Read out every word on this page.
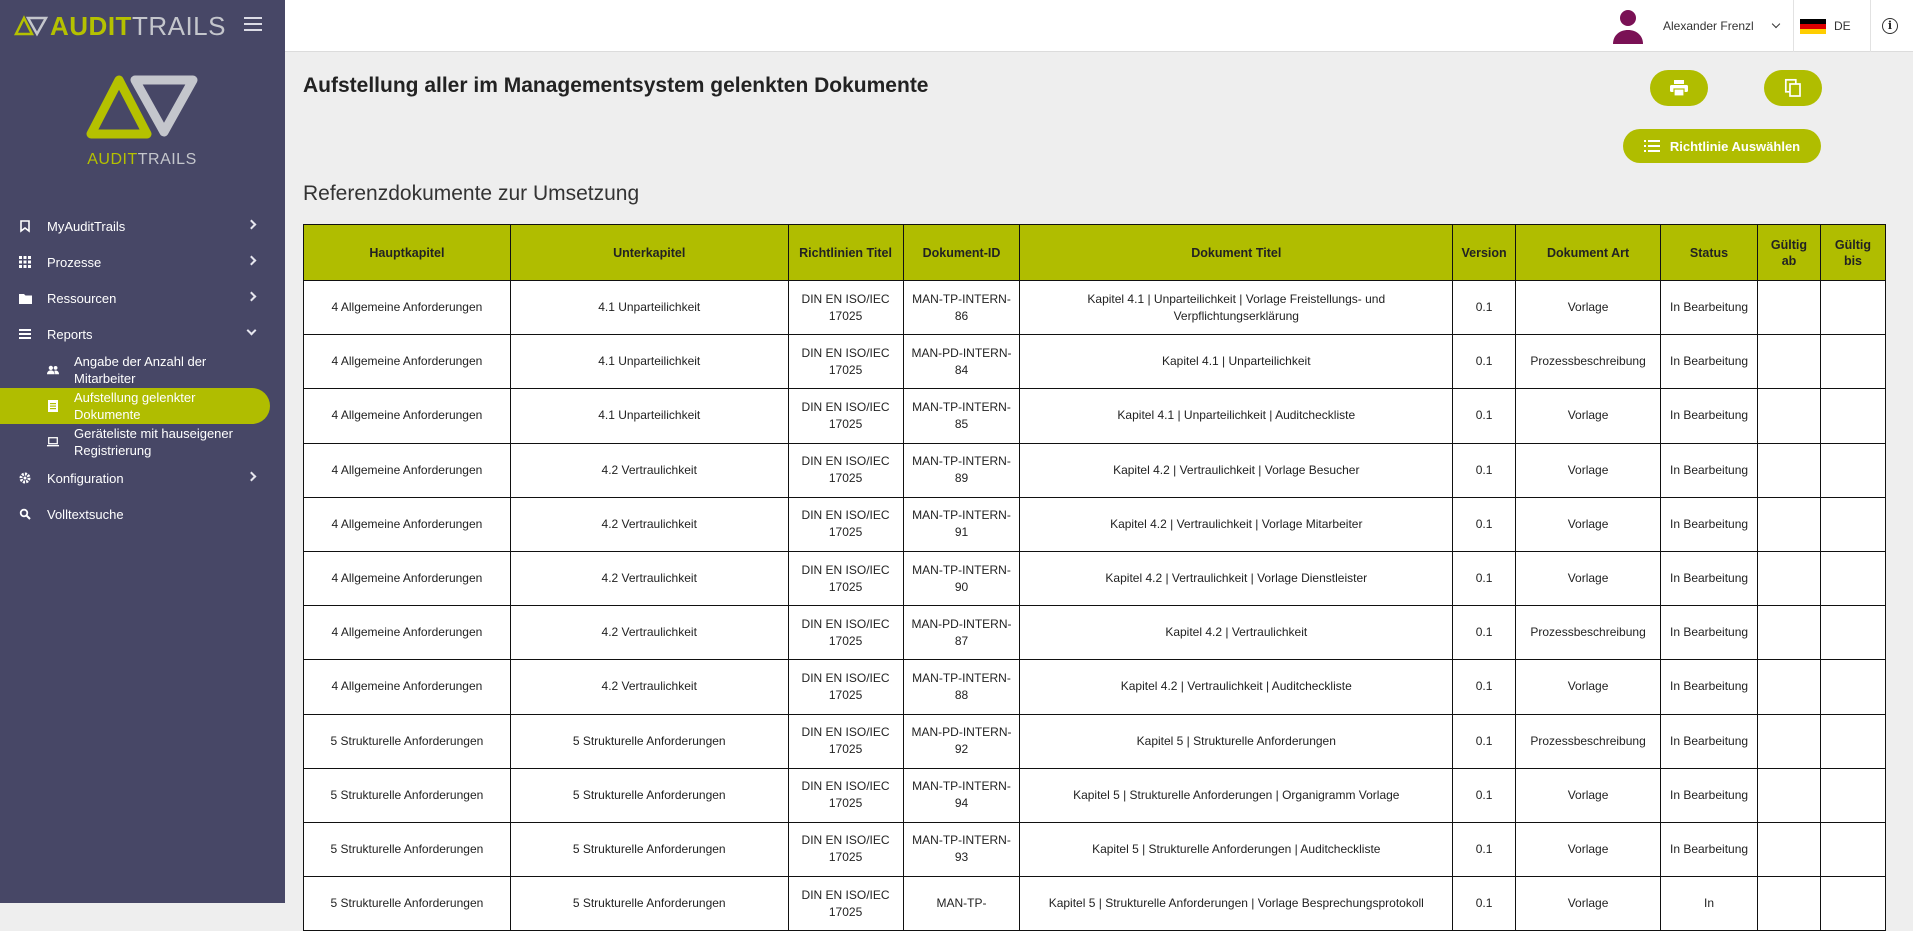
AUDIT TRAILS
AUDITTRAILS
MyAuditTrails
Prozesse
Ressourcen
Reports
Angabe der Anzahl der Mitarbeiter
Aufstellung gelenkter Dokumente
Geräteliste mit hauseigener Registrierung
Konfiguration
Volltextsuche
Alexander Frenzl	DE	i
Aufstellung aller im Managementsystem gelenkten Dokumente
Richtlinie Auswählen
Referenzdokumente zur Umsetzung
Hauptkapitel	Unterkapitel	Richtlinien Titel	Dokument-ID	Dokument Titel	Version	Dokument Art	Status	Gültig ab	Gültig bis
4 Allgemeine Anforderungen	4.1 Unparteilichkeit	DIN EN ISO/IEC 17025	MAN-TP-INTERN-86	Kapitel 4.1 | Unparteilichkeit | Vorlage Freistellungs- und Verpflichtungserklärung	0.1	Vorlage	In Bearbeitung		
4 Allgemeine Anforderungen	4.1 Unparteilichkeit	DIN EN ISO/IEC 17025	MAN-PD-INTERN-84	Kapitel 4.1 | Unparteilichkeit	0.1	Prozessbeschreibung	In Bearbeitung		
4 Allgemeine Anforderungen	4.1 Unparteilichkeit	DIN EN ISO/IEC 17025	MAN-TP-INTERN-85	Kapitel 4.1 | Unparteilichkeit | Auditcheckliste	0.1	Vorlage	In Bearbeitung		
4 Allgemeine Anforderungen	4.2 Vertraulichkeit	DIN EN ISO/IEC 17025	MAN-TP-INTERN-89	Kapitel 4.2 | Vertraulichkeit | Vorlage Besucher	0.1	Vorlage	In Bearbeitung		
4 Allgemeine Anforderungen	4.2 Vertraulichkeit	DIN EN ISO/IEC 17025	MAN-TP-INTERN-91	Kapitel 4.2 | Vertraulichkeit | Vorlage Mitarbeiter	0.1	Vorlage	In Bearbeitung		
4 Allgemeine Anforderungen	4.2 Vertraulichkeit	DIN EN ISO/IEC 17025	MAN-TP-INTERN-90	Kapitel 4.2 | Vertraulichkeit | Vorlage Dienstleister	0.1	Vorlage	In Bearbeitung		
4 Allgemeine Anforderungen	4.2 Vertraulichkeit	DIN EN ISO/IEC 17025	MAN-PD-INTERN-87	Kapitel 4.2 | Vertraulichkeit	0.1	Prozessbeschreibung	In Bearbeitung		
4 Allgemeine Anforderungen	4.2 Vertraulichkeit	DIN EN ISO/IEC 17025	MAN-TP-INTERN-88	Kapitel 4.2 | Vertraulichkeit | Auditcheckliste	0.1	Vorlage	In Bearbeitung		
5 Strukturelle Anforderungen	5 Strukturelle Anforderungen	DIN EN ISO/IEC 17025	MAN-PD-INTERN-92	Kapitel 5 | Strukturelle Anforderungen	0.1	Prozessbeschreibung	In Bearbeitung		
5 Strukturelle Anforderungen	5 Strukturelle Anforderungen	DIN EN ISO/IEC 17025	MAN-TP-INTERN-94	Kapitel 5 | Strukturelle Anforderungen | Organigramm Vorlage	0.1	Vorlage	In Bearbeitung		
5 Strukturelle Anforderungen	5 Strukturelle Anforderungen	DIN EN ISO/IEC 17025	MAN-TP-INTERN-93	Kapitel 5 | Strukturelle Anforderungen | Auditcheckliste	0.1	Vorlage	In Bearbeitung		
5 Strukturelle Anforderungen	5 Strukturelle Anforderungen	DIN EN ISO/IEC 17025	MAN-TP-	Kapitel 5 | Strukturelle Anforderungen | Vorlage Besprechungsprotokoll	0.1	Vorlage	In		
